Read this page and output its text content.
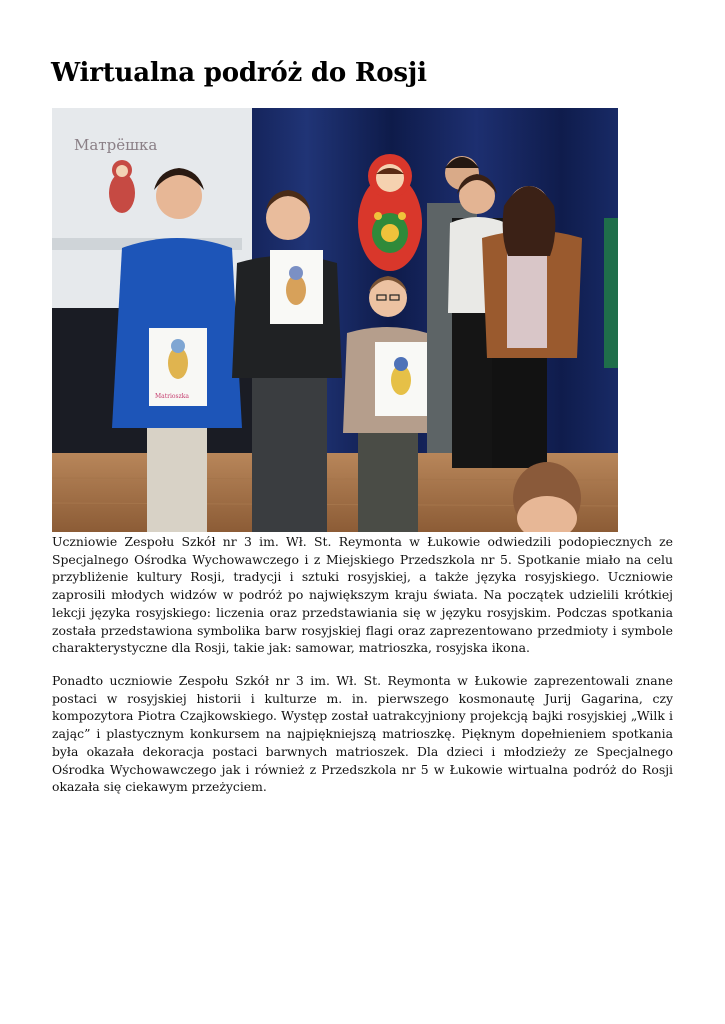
Wirtualna podróż do Rosji
Матрёшка
Matrioszka

Uczniowie Zespołu Szkół nr 3 im. Wł. St. Reymonta w Łukowie odwiedzili podopiecznych ze Specjalnego Ośrodka Wychowawczego i z Miejskiego Przedszkola nr 5. Spotkanie miało na celu przybliżenie kultury Rosji, tradycji i sztuki rosyjskiej, a także języka rosyjskiego. Uczniowie zaprosili młodych widzów w podróż po największym kraju świata. Na początek udzielili krótkiej lekcji języka rosyjskiego: liczenia oraz przedstawiania się w języku rosyjskim. Podczas spotkania została przedstawiona symbolika barw rosyjskiej flagi oraz zaprezentowano przedmioty i symbole charakterystyczne dla Rosji, takie jak: samowar, matrioszka, rosyjska ikona.

Ponadto uczniowie Zespołu Szkół nr 3 im. Wł. St. Reymonta w Łukowie zaprezentowali znane postaci w rosyjskiej historii i kulturze m. in. pierwszego kosmonautę Jurij Gagarina, czy kompozytora Piotra Czajkowskiego. Występ został uatrakcyjniony projekcją bajki rosyjskiej „Wilk i zając” i plastycznym konkursem na najpiękniejszą matrioszkę. Pięknym dopełnieniem spotkania była okazała dekoracja postaci barwnych matrioszek. Dla dzieci i młodzieży ze Specjalnego Ośrodka Wychowawczego jak i również z Przedszkola nr 5 w Łukowie wirtualna podróż do Rosji okazała się ciekawym przeżyciem.
